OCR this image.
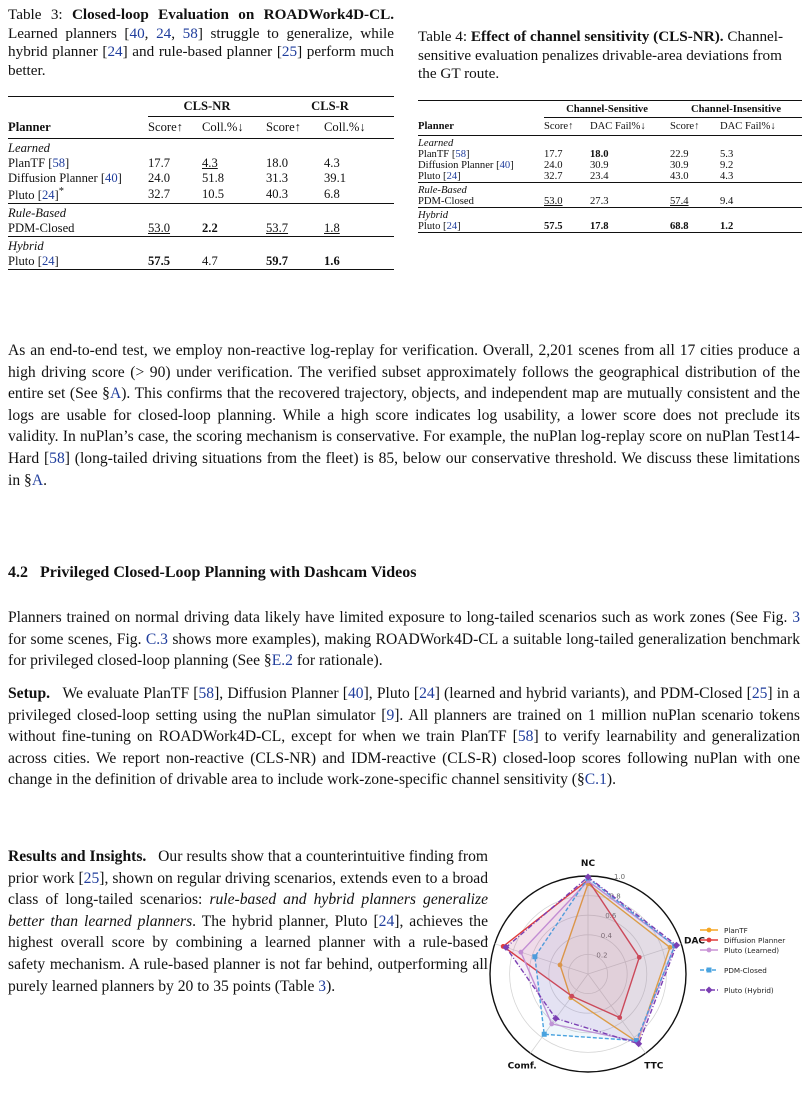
Table 3: Closed-loop Evaluation on ROADWork4D-CL. Learned planners [40, 24, 58] struggle to generalize, while hybrid planner [24] and rule-based planner [25] perform much better.
	CLS-NR		CLS-R	
Planner	Score↑	Coll.%↓	Score↑	Coll.%↓
Learned				
PlanTF [58]	17.7	4.3	18.0	4.3
Diffusion Planner [40]	24.0	51.8	31.3	39.1
Pluto [24]*	32.7	10.5	40.3	6.8
Rule-Based				
PDM-Closed	53.0	2.2	53.7	1.8
Hybrid				
Pluto [24]	57.5	4.7	59.7	1.6
Table 4: Effect of channel sensitivity (CLS-NR). Channel-sensitive evaluation penalizes drivable-area deviations from the GT route.
	Channel-Sensitive		Channel-Insensitive	
Planner	Score↑	DAC Fail%↓	Score↑	DAC Fail%↓
Learned				
PlanTF [58]	17.7	18.0	22.9	5.3
Diffusion Planner [40]	24.0	30.9	30.9	9.2
Pluto [24]	32.7	23.4	43.0	4.3
Rule-Based				
PDM-Closed	53.0	27.3	57.4	9.4
Hybrid				
Pluto [24]	57.5	17.8	68.8	1.2
As an end-to-end test, we employ non-reactive log-replay for verification. Overall, 2,201 scenes from all 17 cities produce a high driving score (> 90) under verification. The verified subset approximately follows the geographical distribution of the entire set (See §A). This confirms that the recovered trajectory, objects, and independent map are mutually consistent and the logs are usable for closed-loop planning. While a high score indicates log usability, a lower score does not preclude its validity. In nuPlan’s case, the scoring mechanism is conservative. For example, the nuPlan log-replay score on nuPlan Test14-Hard [58] (long-tailed driving situations from the fleet) is 85, below our conservative threshold. We discuss these limitations in §A.
4.2 Privileged Closed-Loop Planning with Dashcam Videos
Planners trained on normal driving data likely have limited exposure to long-tailed scenarios such as work zones (See Fig. 3 for some scenes, Fig. C.3 shows more examples), making ROADWork4D-CL a suitable long-tailed generalization benchmark for privileged closed-loop planning (See §E.2 for rationale).
Setup. We evaluate PlanTF [58], Diffusion Planner [40], Pluto [24] (learned and hybrid variants), and PDM-Closed [25] in a privileged closed-loop setting using the nuPlan simulator [9]. All planners are trained on 1 million nuPlan scenario tokens without fine-tuning on ROADWork4D-CL, except for when we train PlanTF [58] to verify learnability and generalization across cities. We report non-reactive (CLS-NR) and IDM-reactive (CLS-R) closed-loop scores following nuPlan with one change in the definition of drivable area to include work-zone-specific channel sensitivity (§C.1).
Results and Insights. Our results show that a counterintuitive finding from prior work [25], shown on regular driving scenarios, extends even to a broad class of long-tailed scenarios: rule-based and hybrid planners generalize better than learned planners. The hybrid planner, Pluto [24], achieves the highest overall score by combining a learned planner with a rule-based safety mechanism. A rule-based planner is not far behind, outperforming all purely learned planners by 20 to 35 points (Table 3).
NC
DAC
TTC
Comf.
0.2
0.4
0.6
0.8
1.0
PlanTF
Diffusion Planner
Pluto (Learned)
PDM-Closed
Pluto (Hybrid)
